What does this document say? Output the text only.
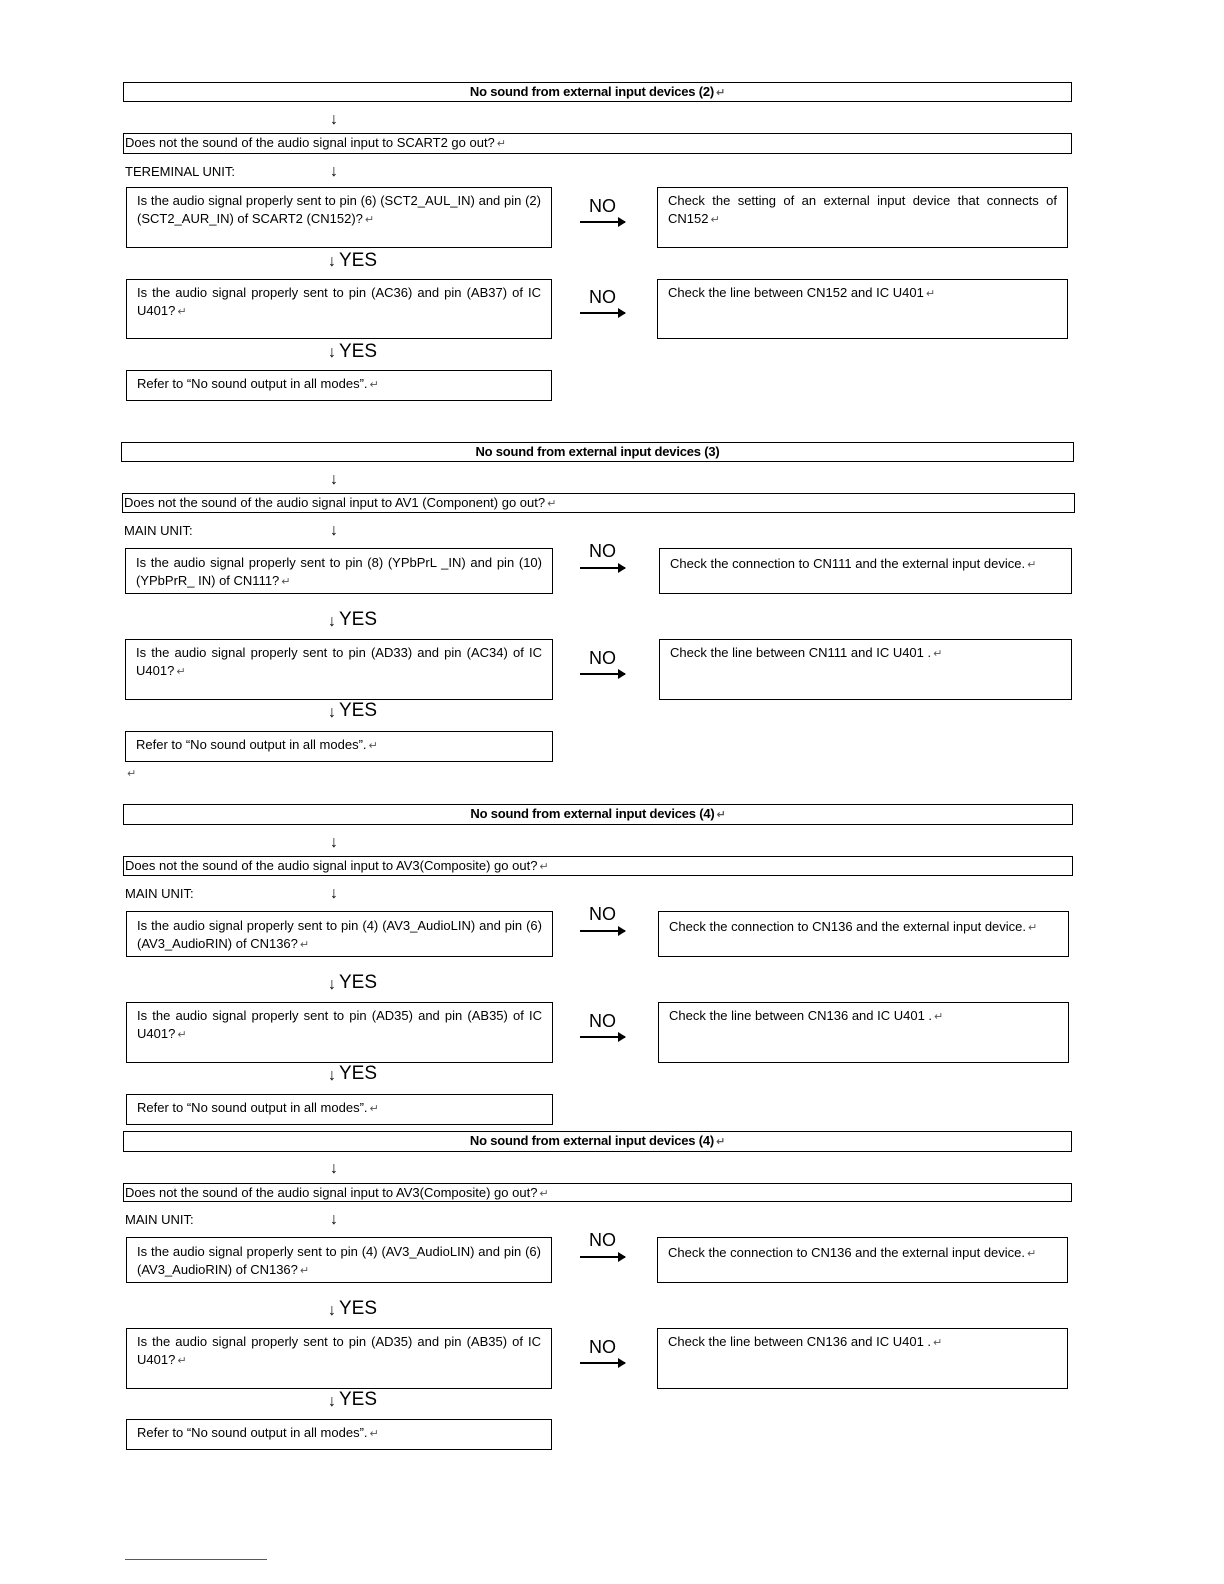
No sound from external input devices (2) ↵
↓
Does not the sound of the audio signal input to SCART2 go out? ↵
TEREMINAL UNIT:	↓
Is the audio signal properly sent to pin (6) (SCT2_AUL_IN) and pin (2) (SCT2_AUR_IN) of SCART2 (CN152)? ↵
NO	Check the setting of an external input device that connects of CN152 ↵
↓ YES
Is the audio signal properly sent to pin (AC36) and pin (AB37) of IC U401? ↵
NO	Check the line between CN152 and IC U401 ↵
↓ YES
Refer to “No sound output in all modes”. ↵
No sound from external input devices (3)
↓
Does not the sound of the audio signal input to AV1 (Component) go out? ↵
MAIN UNIT:	↓
Is the audio signal properly sent to pin (8) (YPbPrL _IN) and pin (10) (YPbPrR_ IN) of CN111? ↵
NO
Check the connection to CN111 and the external input device. ↵
↓ YES
Is the audio signal properly sent to pin (AD33) and pin (AC34) of IC U401? ↵
NO	Check the line between CN111 and IC U401 . ↵
↓ YES
Refer to “No sound output in all modes”. ↵
↵
No sound from external input devices (4) ↵
↓
Does not the sound of the audio signal input to AV3(Composite) go out? ↵
MAIN UNIT:	↓
Is the audio signal properly sent to pin (4) (AV3_AudioLIN) and pin (6) (AV3_AudioRIN) of CN136? ↵
NO
Check the connection to CN136 and the external input device. ↵
↓ YES
Is the audio signal properly sent to pin (AD35) and pin (AB35) of IC U401? ↵
NO	Check the line between CN136 and IC U401 . ↵
↓ YES
Refer to “No sound output in all modes”. ↵
No sound from external input devices (4) ↵
↓
Does not the sound of the audio signal input to AV3(Composite) go out? ↵
MAIN UNIT:	↓
Is the audio signal properly sent to pin (4) (AV3_AudioLIN) and pin (6) (AV3_AudioRIN) of CN136? ↵
NO
Check the connection to CN136 and the external input device. ↵
↓ YES
Is the audio signal properly sent to pin (AD35) and pin (AB35) of IC U401? ↵
NO	Check the line between CN136 and IC U401 . ↵
↓ YES
Refer to “No sound output in all modes”. ↵
